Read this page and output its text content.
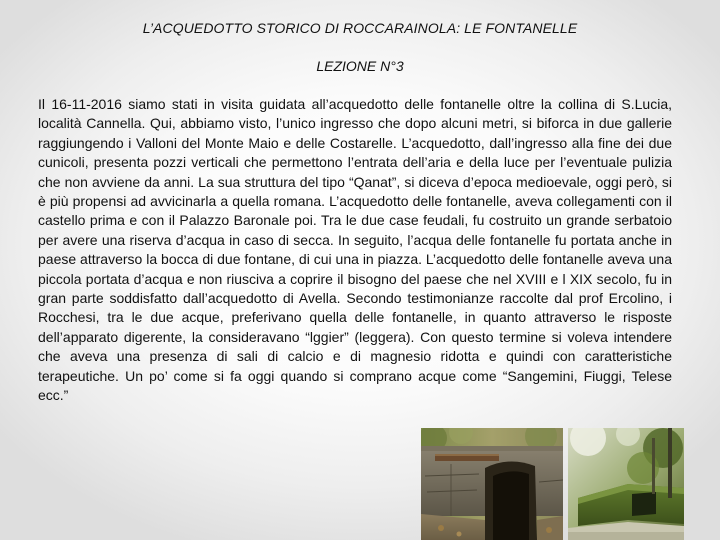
L’ACQUEDOTTO STORICO DI ROCCARAINOLA: LE FONTANELLE
LEZIONE N°3

Il 16-11-2016 siamo stati in visita guidata all’acquedotto delle fontanelle oltre la collina di S.Lucia, località Cannella. Qui, abbiamo visto, l’unico ingresso che dopo alcuni metri, si biforca in due gallerie raggiungendo i Valloni del Monte Maio e delle Costarelle. L’acquedotto, dall’ingresso alla fine dei due cunicoli, presenta pozzi verticali che permettono l’entrata dell’aria e della luce per l’eventuale pulizia che non avviene da anni. La sua struttura del tipo “Qanat”, si diceva d’epoca medioevale, oggi però, si è più propensi ad avvicinarla a quella romana. L’acquedotto delle fontanelle, aveva collegamenti con il castello prima e con il Palazzo Baronale poi. Tra le due case feudali, fu costruito un grande serbatoio per avere una riserva d’acqua in caso di secca. In seguito, l’acqua delle fontanelle fu portata anche in paese attraverso la bocca di due fontane, di cui una in piazza. L’acquedotto delle fontanelle aveva una piccola portata d’acqua e non riusciva a coprire il bisogno del paese che nel XVIII e l XIX secolo, fu in gran parte soddisfatto dall’acquedotto di Avella. Secondo testimonianze raccolte dal prof Ercolino, i Rocchesi, tra le due acque, preferivano quella delle fontanelle, in quanto attraverso le risposte dell’apparato digerente, la consideravano “lggier” (leggera). Con questo termine si voleva intendere che aveva una presenza di sali di calcio e di magnesio ridotta e quindi con caratteristiche terapeutiche. Un po’ come si fa oggi quando si comprano acque come “Sangemini, Fiuggi, Telese ecc.”
